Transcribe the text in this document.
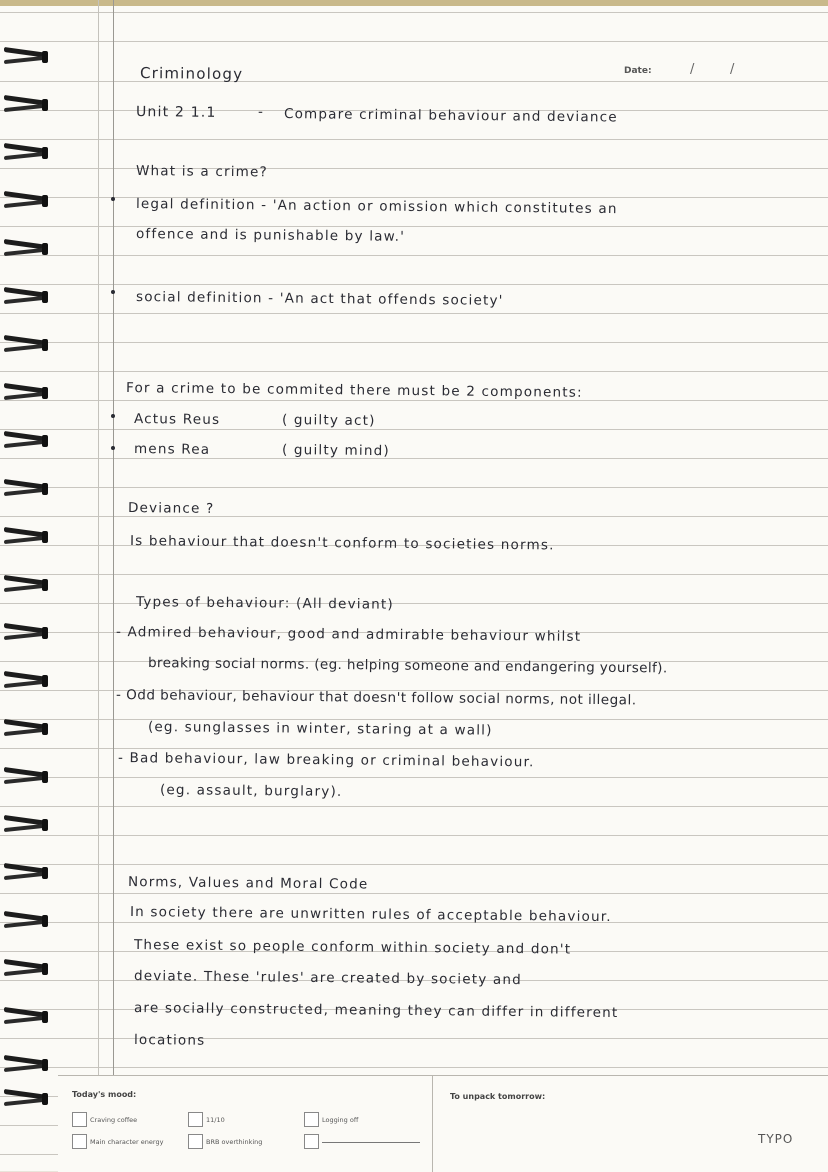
Criminology	Date:	/	/
Unit 2 1.1	- Compare criminal behaviour and deviance
What is a crime?
legal definition - 'An action or omission which constitutes an
offence and is punishable by law.'
social definition - 'An act that offends society'
For a crime to be commited there must be 2 components:
Actus Reus	( guilty act)
mens Rea	( guilty mind)
Deviance ?
Is behaviour that doesn't conform to societies norms.
Types of behaviour: (All deviant)
- Admired behaviour, good and admirable behaviour whilst
breaking social norms. (eg. helping someone and endangering yourself).
- Odd behaviour, behaviour that doesn't follow social norms, not illegal.
(eg. sunglasses in winter, staring at a wall)
- Bad behaviour, law breaking or criminal behaviour.
(eg. assault, burglary).
Norms, Values and Moral Code
In society there are unwritten rules of acceptable behaviour.
These exist so people conform within society and don't
deviate. These 'rules' are created by society and
are socially constructed, meaning they can differ in different
locations
Today's mood:	To unpack tomorrow:
Craving coffee	11/10	Logging off
Main character energy	BRB overthinking	TYPO
